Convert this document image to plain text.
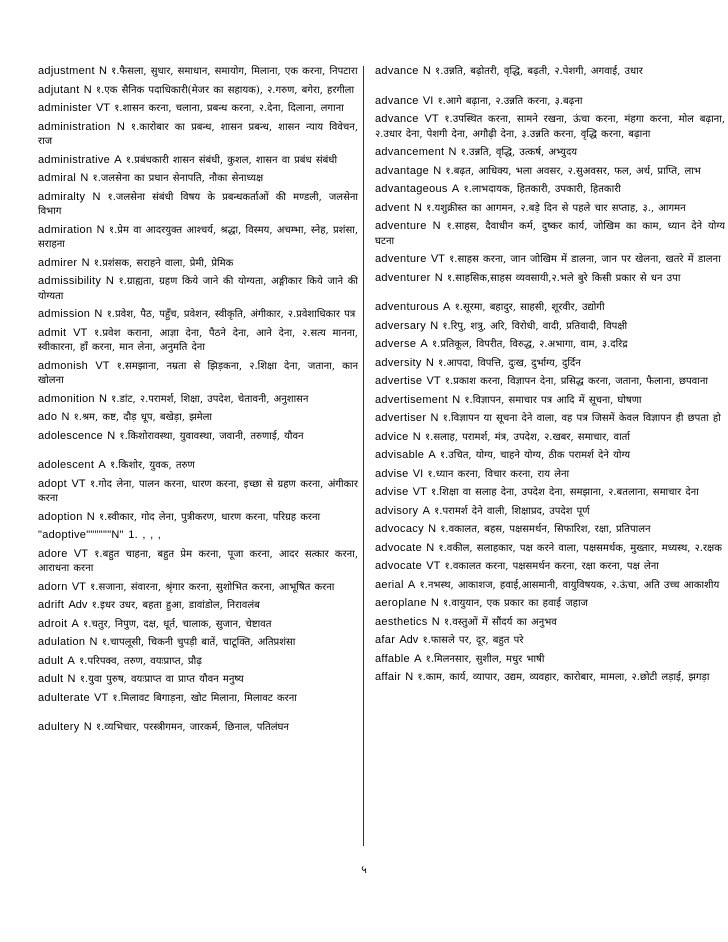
adjustment N १.फैसला, सुधार, समाधान, समायोग, मिलाना, एक करना, निपटारा

adjutant N १.एक सैनिक पदाधिकारी(मेजर का सहायक), २.गरुण, बगेरा, हरगीला

administer VT १.शासन करना, चलाना, प्रबन्ध करना, २.देना, दिलाना, लगाना

administration N १.कारोबार का प्रबन्ध, शासन प्रबन्ध, शासन न्याय विवेचन, राज

administrative A १.प्रबंधकारी शासन संबंधी, कुशल, शासन वा प्रबंध संबंधी

admiral N १.जलसेना का प्रधान सेनापति, नौका सेनाध्यक्ष

admiralty N १.जलसेना संबंधी विषय के प्रबन्धकर्ताओं की मण्डली, जलसेना विभाग

admiration N १.प्रेम वा आदरयुक्त आश्चर्य, श्रद्धा, विस्मय, अचम्भा, स्नेह, प्रशंसा, सराहना

admirer N १.प्रशंसक, सराहने वाला, प्रेमी, प्रेमिक

admissibility N १.ग्राह्यता, ग्रहण किये जाने की योग्यता, अङ्गीकार किये जाने की योग्यता

admission N १.प्रवेश, पैठ, पहुँच, प्रवेशन, स्वीकृति, अंगीकार, २.प्रवेशाधिकार पत्र

admit VT १.प्रवेश कराना, आज्ञा देना, पैठने देना, आने देना, २.सत्य मानना, स्वीकारना, हाँ करना, मान लेना, अनुमति देना

admonish VT १.समझाना, नम्रता से झिड़कना, २.शिक्षा देना, जताना, कान खोलना

admonition N १.डांट, २.परामर्श, शिक्षा, उपदेश, चेतावनी, अनुशासन

ado N १.श्रम, कष्ट, दौड़ धूप, बखेड़ा, झमेला

adolescence N १.किशोरावस्था, युवावस्था, जवानी, तरुणाई, यौवन

adolescent A १.किशोर, युवक, तरुण

adopt VT १.गोद लेना, पालन करना, धारण करना, इच्छा से ग्रहण करना, अंगीकार करना

adoption N १.स्वीकार, गोद लेना, पुत्रीकरण, धारण करना, परिग्रह करना

"adoptive""""""N" 1. , , ,

adore VT १.बहुत चाहना, बहुत प्रेम करना, पूजा करना, आदर सत्कार करना, आराधना करना

adorn VT १.सजाना, संवारना, श्रृंगार करना, सुशोभित करना, आभूषित करना

adrift Adv १.इधर उधर, बहता हुआ, डावांडोल, निरावलंब

adroit A १.चतुर, निपुण, दक्ष, धूर्त, चालाक, सुजान, चेष्टावत

adulation N १.चापलूसी, चिकनी चुपड़ी बातें, चाटूक्ति, अतिप्रशंसा

adult A १.परिपक्व, तरुण, वयःप्राप्त, प्रौढ़

adult N १.युवा पुरुष, वयःप्राप्त वा प्राप्त यौवन मनुष्य

adulterate VT १.मिलावट बिगाड़ना, खोट मिलाना, मिलावट करना

adultery N १.व्यभिचार, परस्त्रीगमन, जारकर्म, छिनाल, पतिलंघन

advance N १.उन्नति, बढ़ोतरी, वृद्धि, बढ़ती, २.पेशगी, अगवाई, उधार

advance VI १.आगे बढ़ाना, २.उन्नति करना, ३.बढ़ना

advance VT १.उपस्थित करना, सामने रखना, ऊंचा करना, मंहगा करना, मोल बढ़ाना, २.उधार देना, पेशगी देना, अगौढ़ी देना, ३.उन्नति करना, वृद्धि करना, बढ़ाना

advancement N १.उन्नति, वृद्धि, उत्कर्ष, अभ्युदय

advantage N १.बढ़त, आधिक्य, भला अवसर, २.सुअवसर, फल, अर्थ, प्राप्ति, लाभ

advantageous A १.लाभदायक, हितकारी, उपकारी, हितकारी

advent N १.यशुक्रीस्त का आगमन, २.बड़े दिन से पहले चार सप्ताह, ३., आगमन

adventure N १.साहस, दैवाधीन कर्म, दुष्कर कार्य, जोखिम का काम, ध्यान देने योग्य घटना

adventure VT १.साहस करना, जान जोखिम में डालना, जान पर खेलना, खतरे में डालना

adventurer N १.साहसिक,साहस व्यवसायी,२.भले बुरे किसी प्रकार से धन उपा

adventurous A १.सूरमा, बहादुर, साहसी, शूरवीर, उद्योगी

adversary N १.रिपु, शत्रु, अरि, विरोधी, वादी, प्रतिवादी, विपक्षी

adverse A १.प्रतिकूल, विपरीत, विरुद्ध, २.अभागा, वाम, ३.दरिद्र

adversity N १.आपदा, विपत्ति, दुःख, दुर्भाग्य, दुर्दिन

advertise VT १.प्रकाश करना, विज्ञापन देना, प्रसिद्ध करना, जताना, फैलाना, छपवाना

advertisement N १.विज्ञापन, समाचार पत्र आदि में सूचना, घोषणा

advertiser N १.विज्ञापन या सूचना देने वाला, वह पत्र जिसमें केवल विज्ञापन ही छपता हो

advice N १.सलाह, परामर्श, मंत्र, उपदेश, २.खबर, समाचार, वार्ता

advisable A १.उचित, योग्य, चाहने योग्य, ठीक परामर्श देने योग्य

advise VI १.ध्यान करना, विचार करना, राय लेना

advise VT १.शिक्षा वा सलाह देना, उपदेश देना, समझाना, २.बतलाना, समाचार देना

advisory A १.परामर्श देने वाली, शिक्षाप्रद, उपदेश पूर्ण

advocacy N १.वकालत, बहस, पक्षसमर्थन, सिफारिश, रक्षा, प्रतिपालन

advocate N १.वकील, सलाहकार, पक्ष करने वाला, पक्षसमर्थक, मुख्तार, मध्यस्थ, २.रक्षक

advocate VT १.वकालत करना, पक्षसमर्थन करना, रक्षा करना, पक्ष लेना

aerial A १.नभस्थ, आकाशज, हवाई,आसमानी, वायुविषयक, २.ऊंचा, अति उच्च आकाशीय

aeroplane N १.वायुयान, एक प्रकार का हवाई जहाज

aesthetics N १.वस्तुओं में सौंदर्य का अनुभव

afar Adv १.फासले पर, दूर, बहुत परे

affable A १.मिलनसार, सुशील, मधुर भाषी

affair N १.काम, कार्य, व्यापार, उद्यम, व्यवहार, कारोबार, मामला, २.छोटी लड़ाई, झगड़ा

५
